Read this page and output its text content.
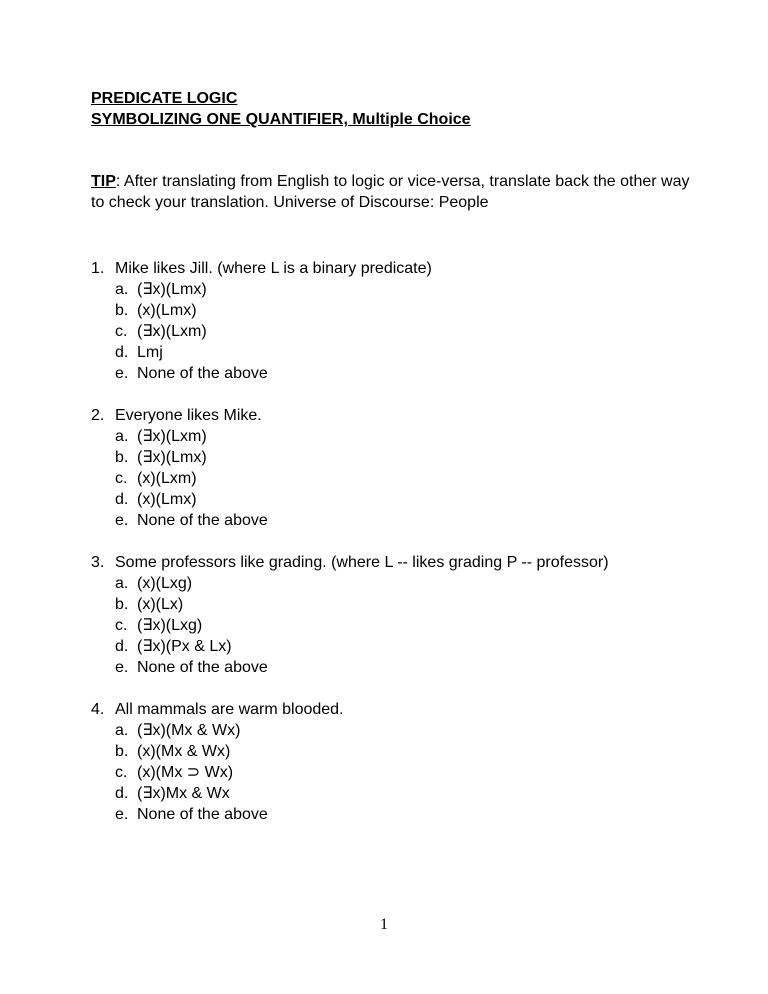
PREDICATE LOGIC
SYMBOLIZING ONE QUANTIFIER, Multiple Choice
TIP: After translating from English to logic or vice-versa, translate back the other way to check your translation. Universe of Discourse: People
1. Mike likes Jill. (where L is a binary predicate)
a. (∃x)(Lmx)
b. (x)(Lmx)
c. (∃x)(Lxm)
d. Lmj
e. None of the above
2. Everyone likes Mike.
a. (∃x)(Lxm)
b. (∃x)(Lmx)
c. (x)(Lxm)
d. (x)(Lmx)
e. None of the above
3. Some professors like grading. (where L -- likes grading P -- professor)
a. (x)(Lxg)
b. (x)(Lx)
c. (∃x)(Lxg)
d. (∃x)(Px & Lx)
e. None of the above
4. All mammals are warm blooded.
a. (∃x)(Mx & Wx)
b. (x)(Mx & Wx)
c. (x)(Mx ⊃ Wx)
d. (∃x)Mx & Wx
e. None of the above
1
